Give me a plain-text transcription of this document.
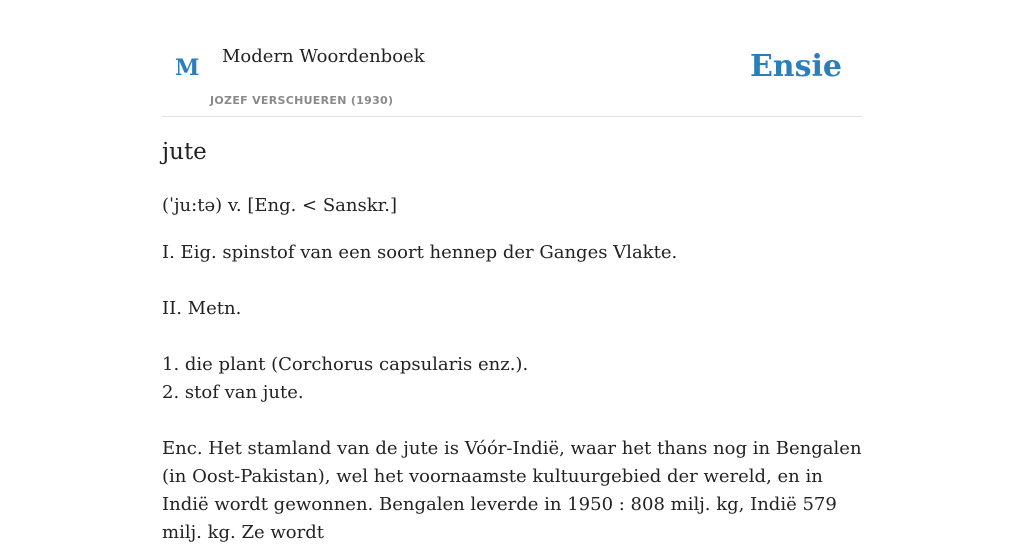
M Modern Woordenboek
JOZEF VERSCHUEREN (1930)
Ensie
jute

(ˈju:tə) v. [Eng. < Sanskr.]

I. Eig. spinstof van een soort hennep der Ganges Vlakte.

II. Metn.

1. die plant (Corchorus capsularis enz.).

2. stof van jute.

Enc. Het stamland van de jute is Vóór-Indië, waar het thans nog in Bengalen (in Oost-Pakistan), wel het voornaamste kultuurgebied der wereld, en in Indië wordt gewonnen. Bengalen leverde in 1950 : 808 milj. kg, Indië 579 milj. kg. Ze wordt
